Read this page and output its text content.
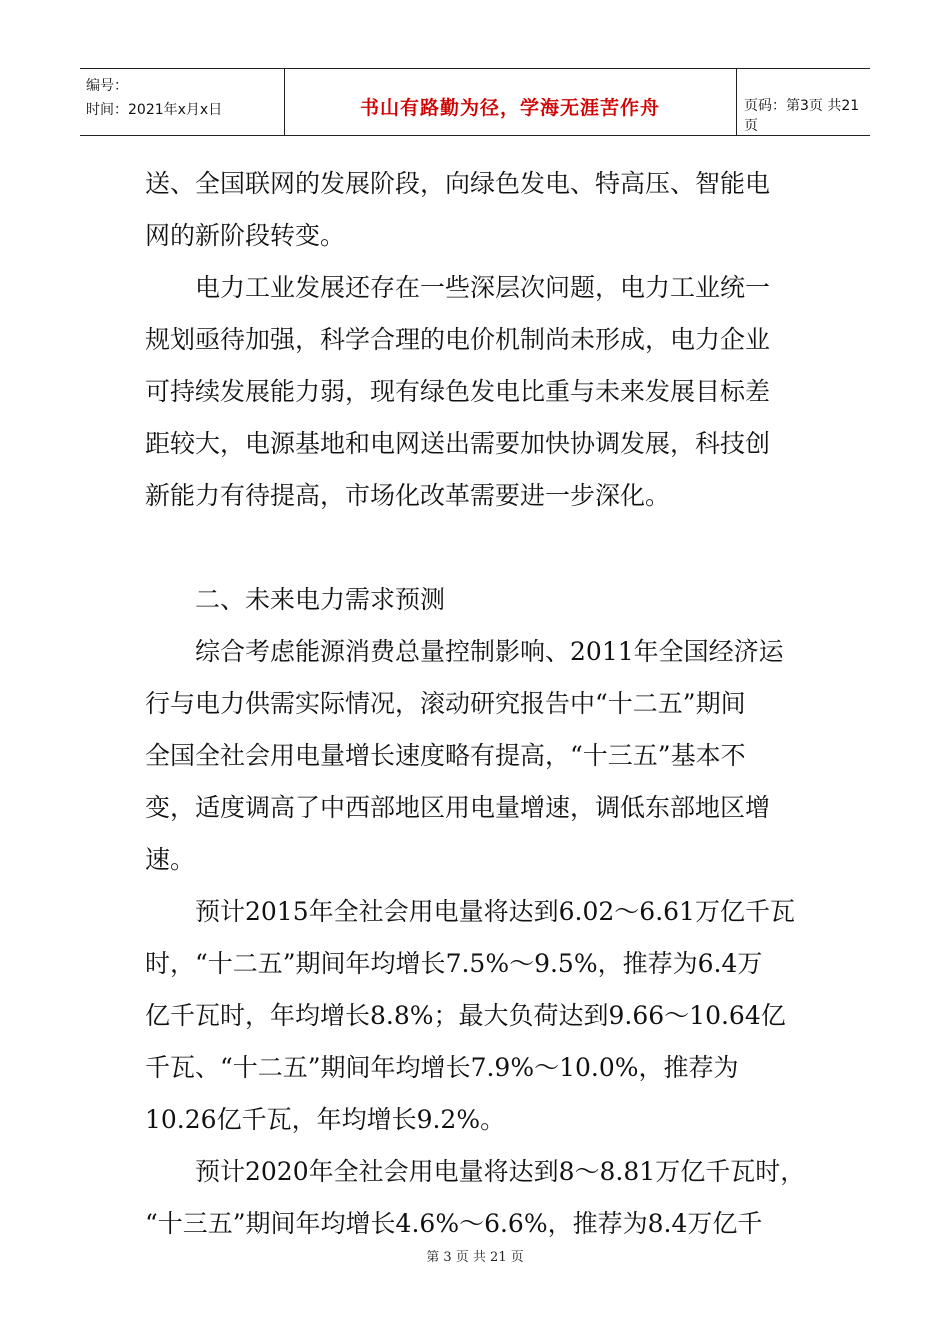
编号：
时间：2021年x月x日	书山有路勤为径，学海无涯苦作舟	页码：第3页 共21页

送、全国联网的发展阶段，向绿色发电、特高压、智能电
网的新阶段转变。

　　电力工业发展还存在一些深层次问题，电力工业统一
规划亟待加强，科学合理的电价机制尚未形成，电力企业
可持续发展能力弱，现有绿色发电比重与未来发展目标差
距较大，电源基地和电网送出需要加快协调发展，科技创
新能力有待提高，市场化改革需要进一步深化。

　　二、未来电力需求预测

　　综合考虑能源消费总量控制影响、2011年全国经济运
行与电力供需实际情况，滚动研究报告中“十二五”期间
全国全社会用电量增长速度略有提高，“十三五”基本不
变，适度调高了中西部地区用电量增速，调低东部地区增
速。

　　预计2015年全社会用电量将达到6.02～6.61万亿千瓦
时，“十二五”期间年均增长7.5%～9.5%，推荐为6.4万
亿千瓦时，年均增长8.8%；最大负荷达到9.66～10.64亿
千瓦、“十二五”期间年均增长7.9%～10.0%，推荐为
10.26亿千瓦，年均增长9.2%。

　　预计2020年全社会用电量将达到8～8.81万亿千瓦时，
“十三五”期间年均增长4.6%～6.6%，推荐为8.4万亿千

第 3 页 共 21 页
